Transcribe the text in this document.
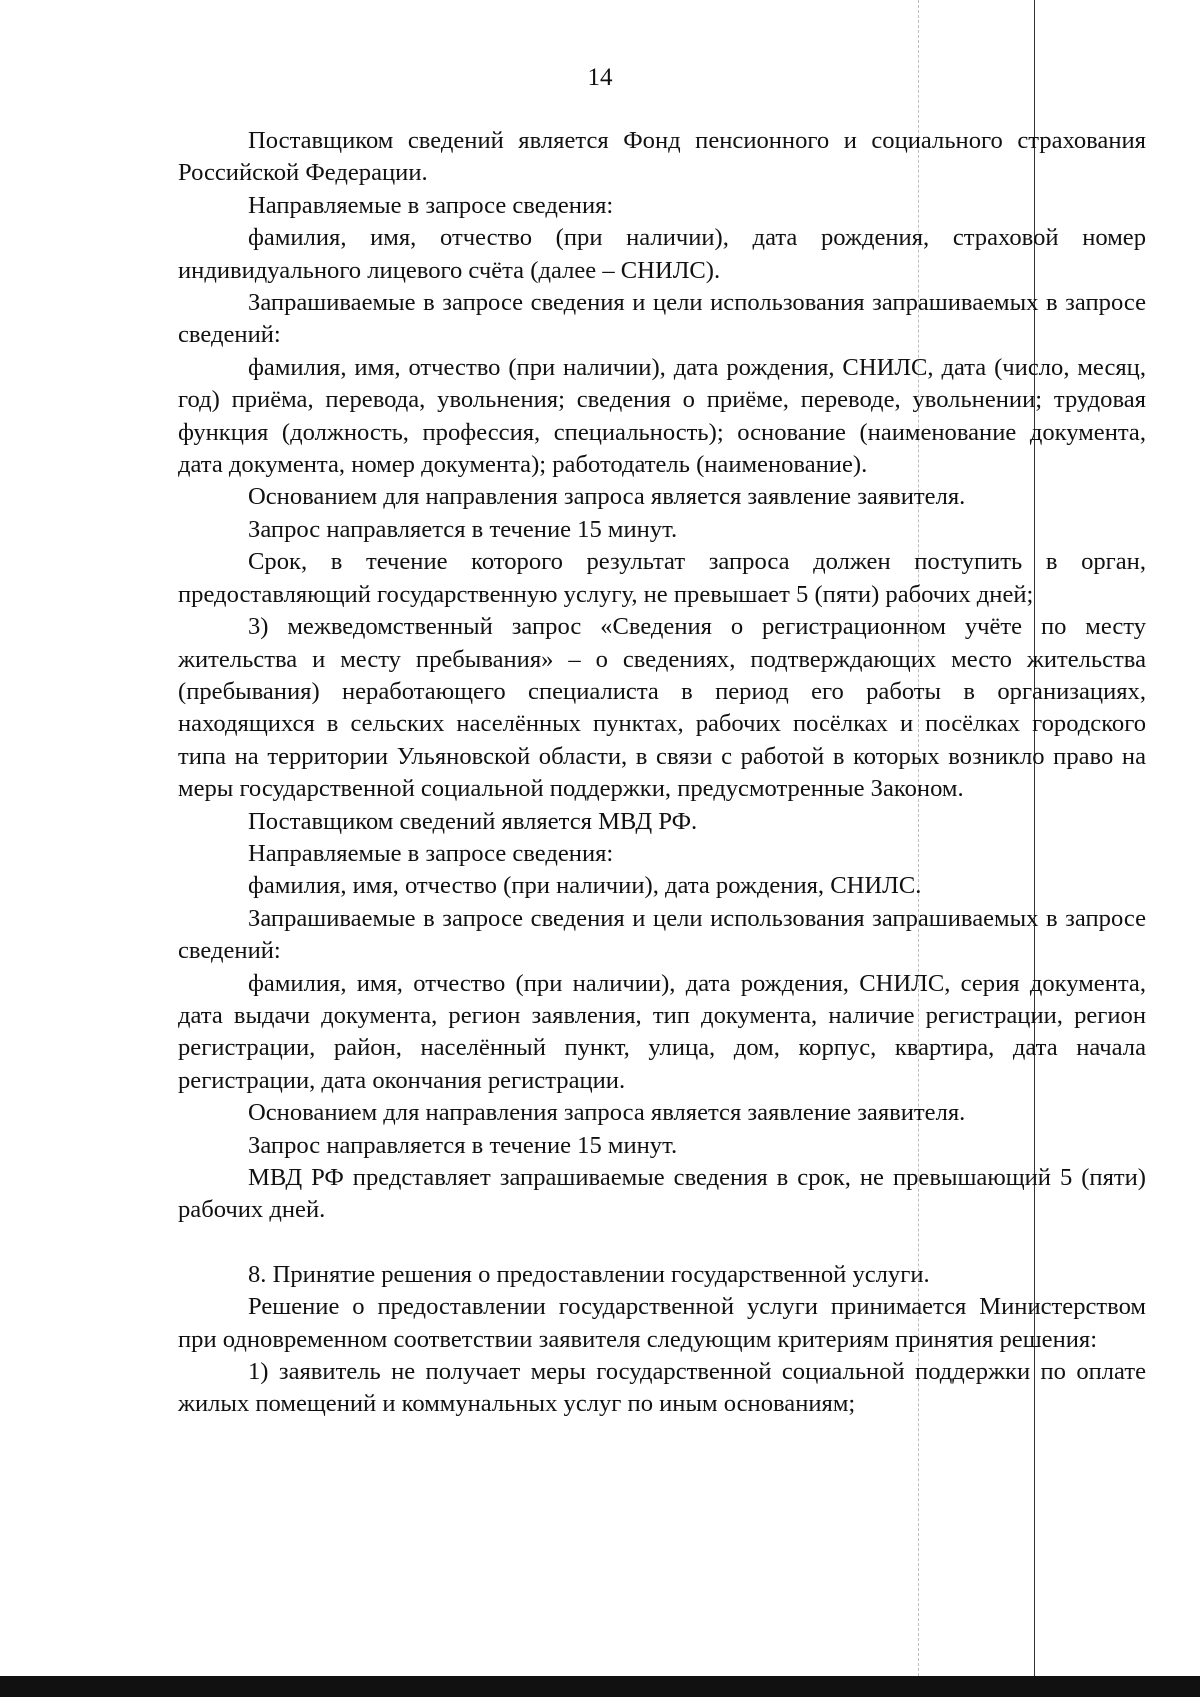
14

Поставщиком сведений является Фонд пенсионного и социального страхования Российской Федерации.

Направляемые в запросе сведения:

фамилия, имя, отчество (при наличии), дата рождения, страховой номер индивидуального лицевого счёта (далее – СНИЛС).

Запрашиваемые в запросе сведения и цели использования запрашиваемых в запросе сведений:

фамилия, имя, отчество (при наличии), дата рождения, СНИЛС, дата (число, месяц, год) приёма, перевода, увольнения; сведения о приёме, переводе, увольнении; трудовая функция (должность, профессия, специальность); основание (наименование документа, дата документа, номер документа); работодатель (наименование).

Основанием для направления запроса является заявление заявителя.

Запрос направляется в течение 15 минут.

Срок, в течение которого результат запроса должен поступить в орган, предоставляющий государственную услугу, не превышает 5 (пяти) рабочих дней;

3) межведомственный запрос «Сведения о регистрационном учёте по месту жительства и месту пребывания» – о сведениях, подтверждающих место жительства (пребывания) неработающего специалиста в период его работы в организациях, находящихся в сельских населённых пунктах, рабочих посёлках и посёлках городского типа на территории Ульяновской области, в связи с работой в которых возникло право на меры государственной социальной поддержки, предусмотренные Законом.

Поставщиком сведений является МВД РФ.

Направляемые в запросе сведения:

фамилия, имя, отчество (при наличии), дата рождения, СНИЛС.

Запрашиваемые в запросе сведения и цели использования запрашиваемых в запросе сведений:

фамилия, имя, отчество (при наличии), дата рождения, СНИЛС, серия документа, дата выдачи документа, регион заявления, тип документа, наличие регистрации, регион регистрации, район, населённый пункт, улица, дом, корпус, квартира, дата начала регистрации, дата окончания регистрации.

Основанием для направления запроса является заявление заявителя.

Запрос направляется в течение 15 минут.

МВД РФ представляет запрашиваемые сведения в срок, не превышающий 5 (пяти) рабочих дней.

8. Принятие решения о предоставлении государственной услуги.

Решение о предоставлении государственной услуги принимается Министерством при одновременном соответствии заявителя следующим критериям принятия решения:

1) заявитель не получает меры государственной социальной поддержки по оплате жилых помещений и коммунальных услуг по иным основаниям;
